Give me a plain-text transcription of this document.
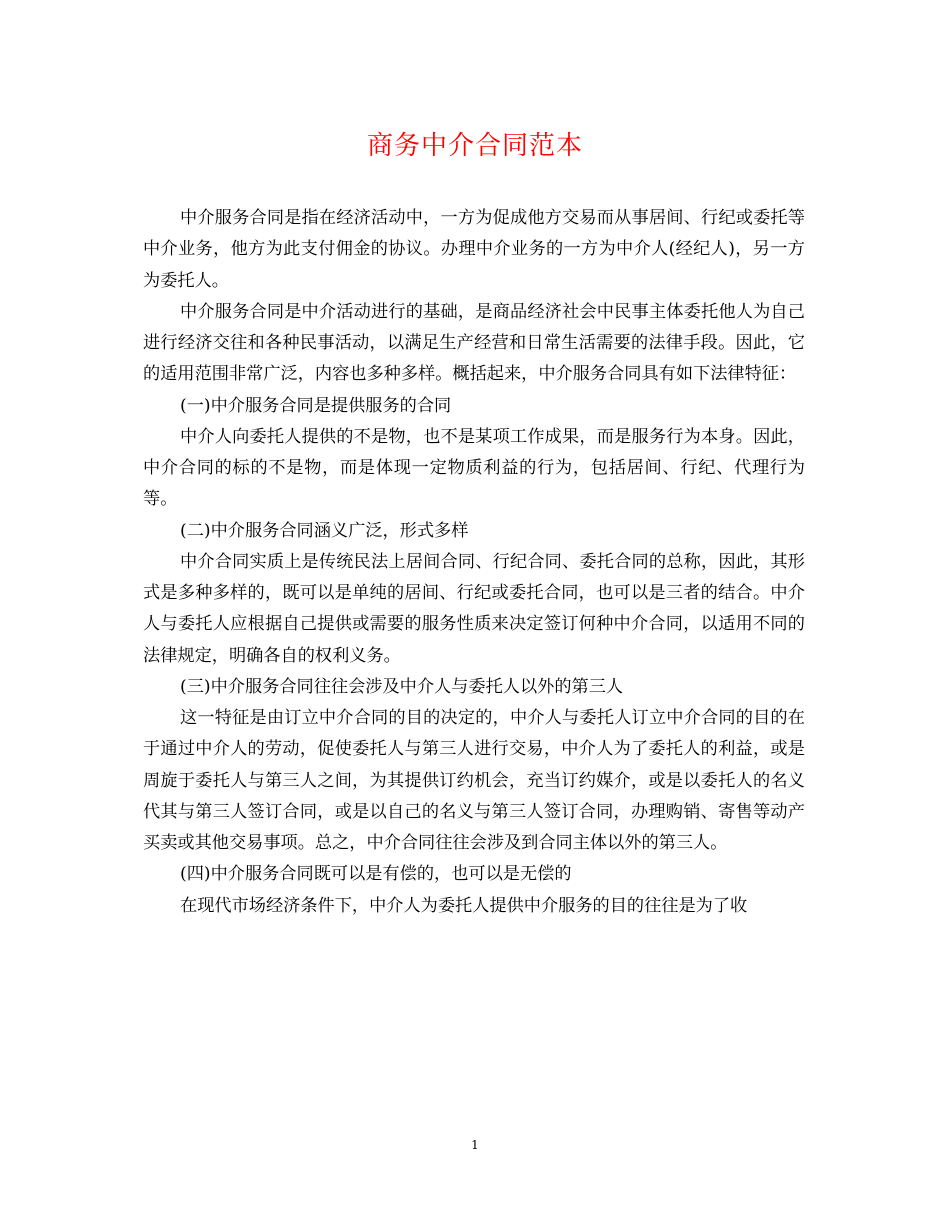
商务中介合同范本

中介服务合同是指在经济活动中，一方为促成他方交易而从事居间、行纪或委托等中介业务，他方为此支付佣金的协议。办理中介业务的一方为中介人(经纪人)，另一方为委托人。

中介服务合同是中介活动进行的基础，是商品经济社会中民事主体委托他人为自己进行经济交往和各种民事活动，以满足生产经营和日常生活需要的法律手段。因此，它的适用范围非常广泛，内容也多种多样。概括起来，中介服务合同具有如下法律特征：

(一)中介服务合同是提供服务的合同

中介人向委托人提供的不是物，也不是某项工作成果，而是服务行为本身。因此，中介合同的标的不是物，而是体现一定物质利益的行为，包括居间、行纪、代理行为等。

(二)中介服务合同涵义广泛，形式多样

中介合同实质上是传统民法上居间合同、行纪合同、委托合同的总称，因此，其形式是多种多样的，既可以是单纯的居间、行纪或委托合同，也可以是三者的结合。中介人与委托人应根据自己提供或需要的服务性质来决定签订何种中介合同，以适用不同的法律规定，明确各自的权利义务。

(三)中介服务合同往往会涉及中介人与委托人以外的第三人

这一特征是由订立中介合同的目的决定的，中介人与委托人订立中介合同的目的在于通过中介人的劳动，促使委托人与第三人进行交易，中介人为了委托人的利益，或是周旋于委托人与第三人之间，为其提供订约机会，充当订约媒介，或是以委托人的名义代其与第三人签订合同，或是以自己的名义与第三人签订合同，办理购销、寄售等动产买卖或其他交易事项。总之，中介合同往往会涉及到合同主体以外的第三人。

(四)中介服务合同既可以是有偿的，也可以是无偿的

在现代市场经济条件下，中介人为委托人提供中介服务的目的往往是为了收

1
